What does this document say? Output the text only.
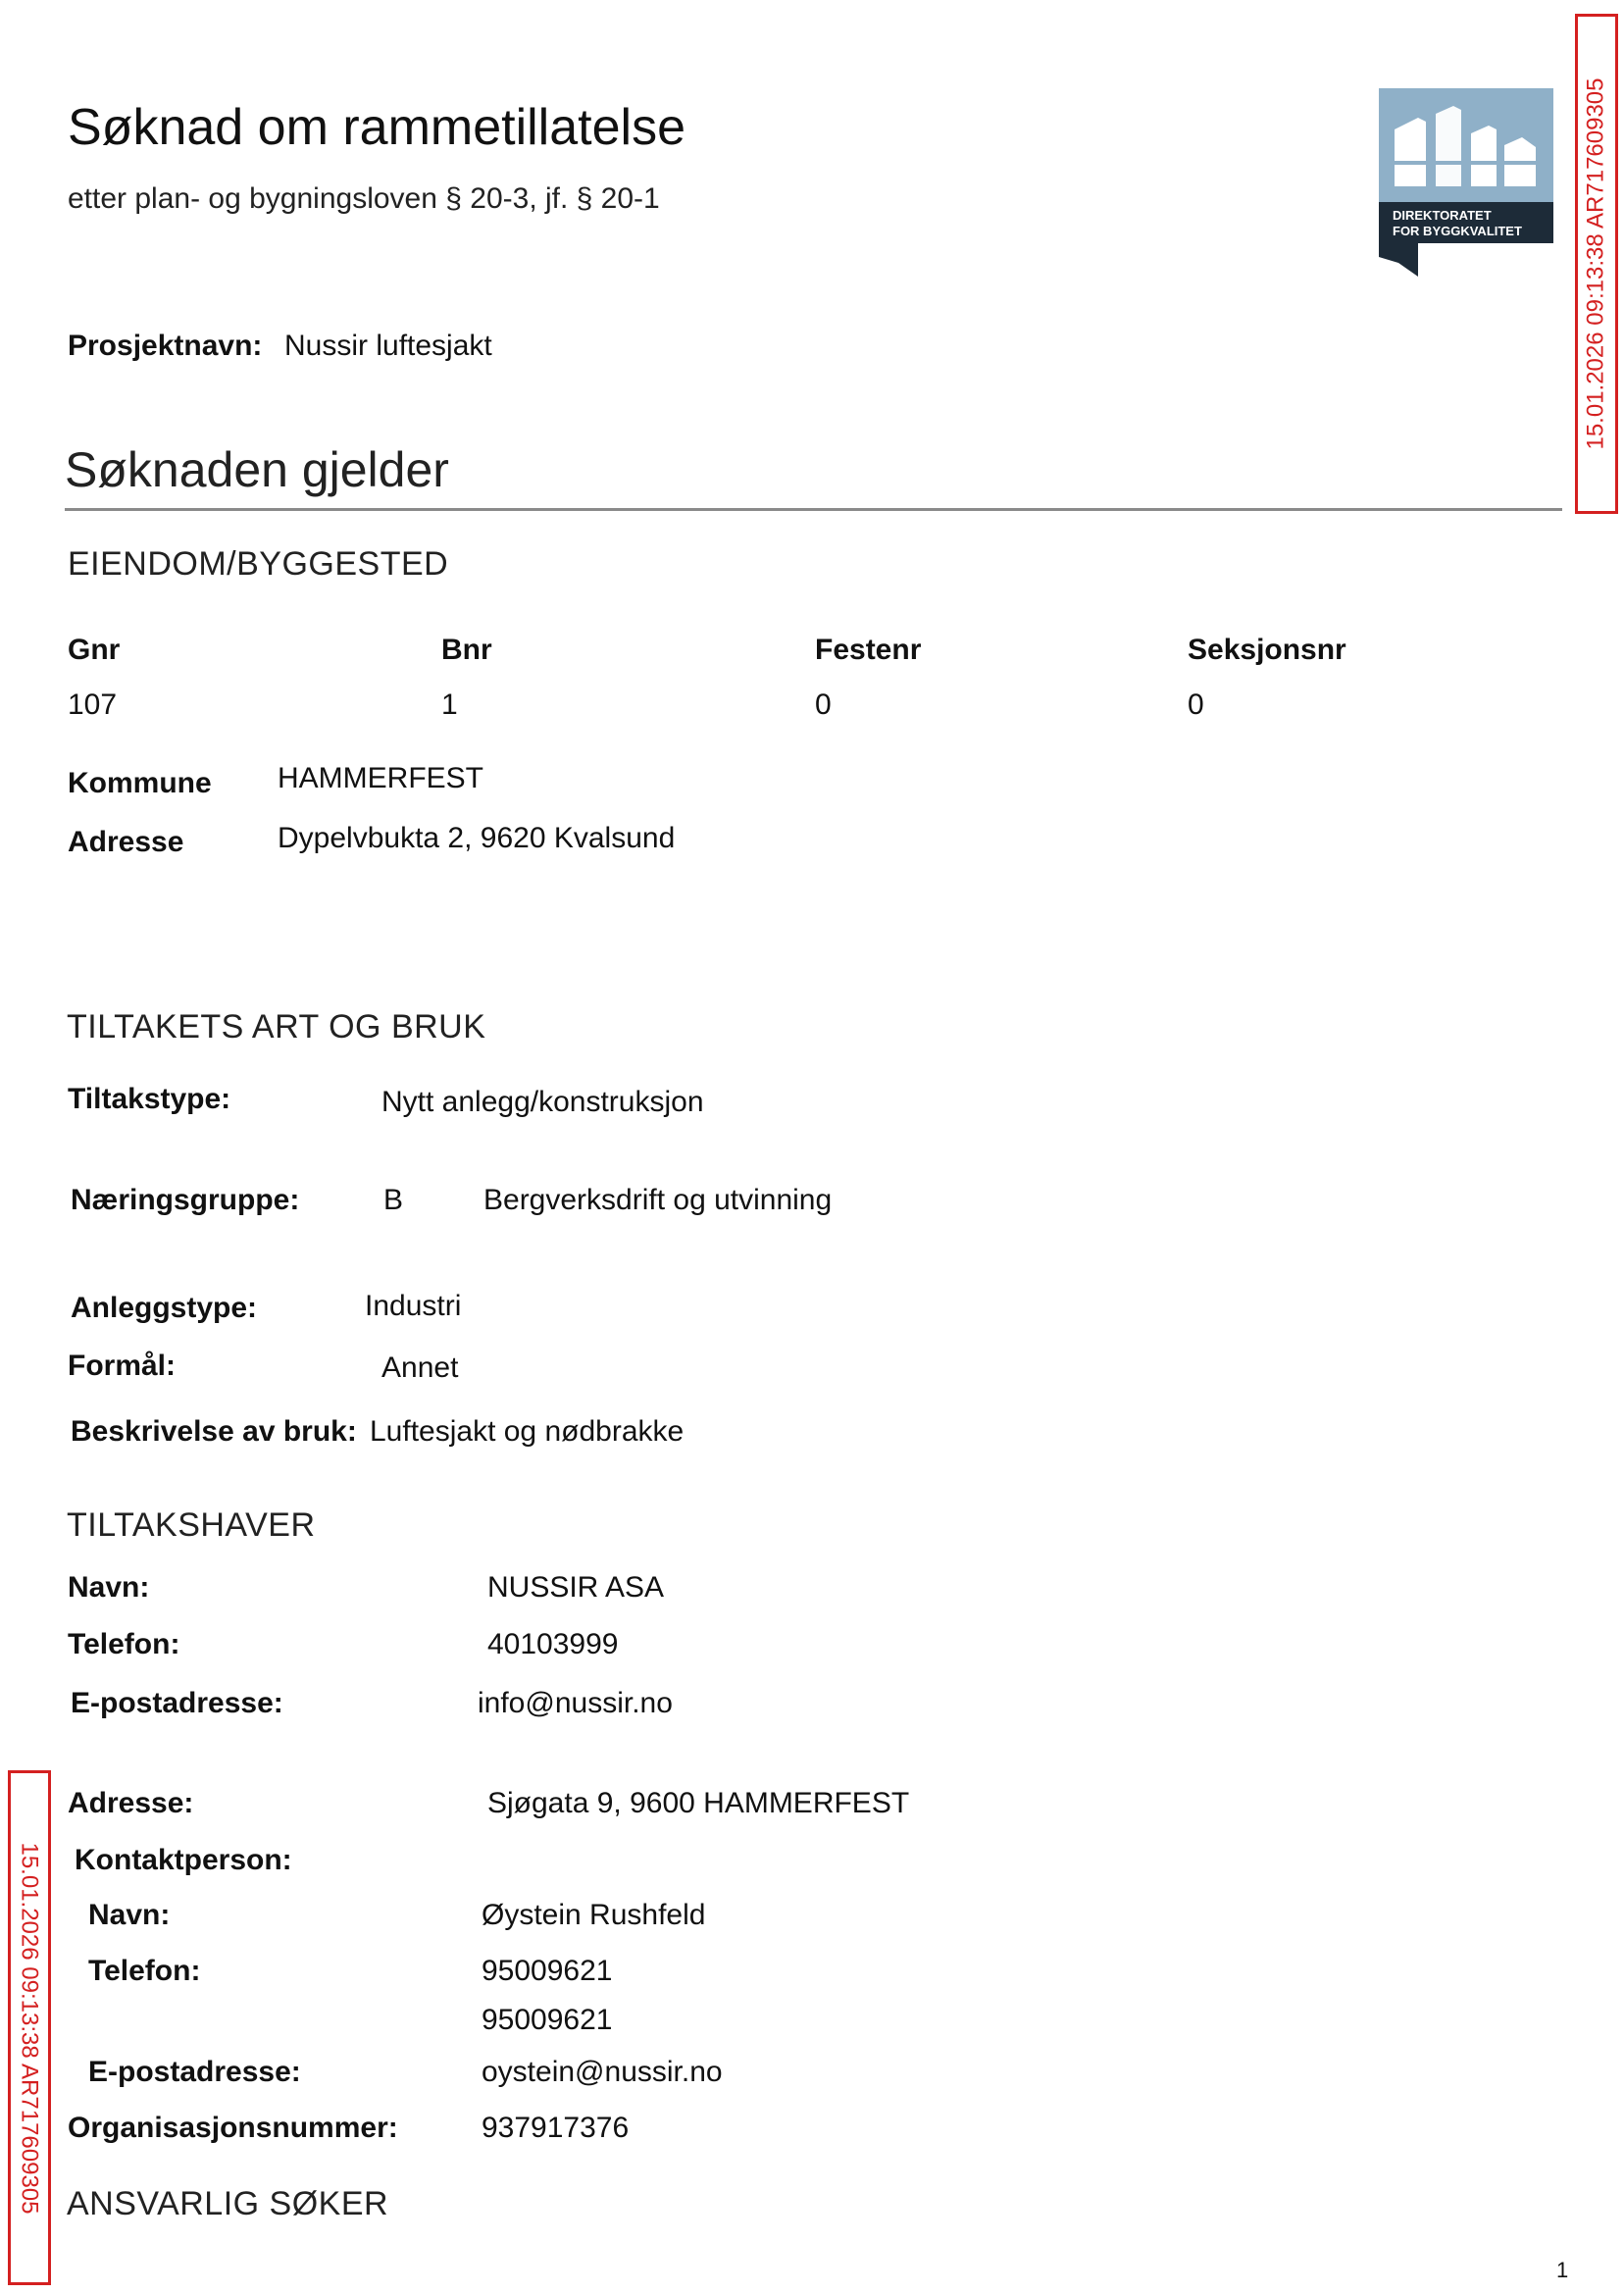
Søknad om rammetillatelse
etter plan- og bygningsloven § 20-3, jf. § 20-1
DIREKTORATET
FOR BYGGKVALITET	15.01.2026 09:13:38 AR717609305
15.01.2026 09:13:38 AR717609305
Prosjektnavn: Nussir luftesjakt
Søknaden gjelder
EIENDOM/BYGGESTED
Gnr	Bnr	Festenr	Seksjonsnr
107	1	0	0
Kommune HAMMERFEST
Adresse	Dypelvbukta 2, 9620 Kvalsund
TILTAKETS ART OG BRUK
Tiltakstype:	Nytt anlegg/konstruksjon
Næringsgruppe:	B	Bergverksdrift og utvinning
Anleggstype:	Industri
Formål:	Annet
Beskrivelse av bruk: Luftesjakt og nødbrakke
TILTAKSHAVER
Navn:	NUSSIR ASA
Telefon:	40103999
E-postadresse:	info@nussir.no
Adresse:	Sjøgata 9, 9600 HAMMERFEST
Kontaktperson:
Navn:	Øystein Rushfeld
Telefon:	95009621
95009621
E-postadresse:	oystein@nussir.no
Organisasjonsnummer:	937917376
ANSVARLIG SØKER
1
